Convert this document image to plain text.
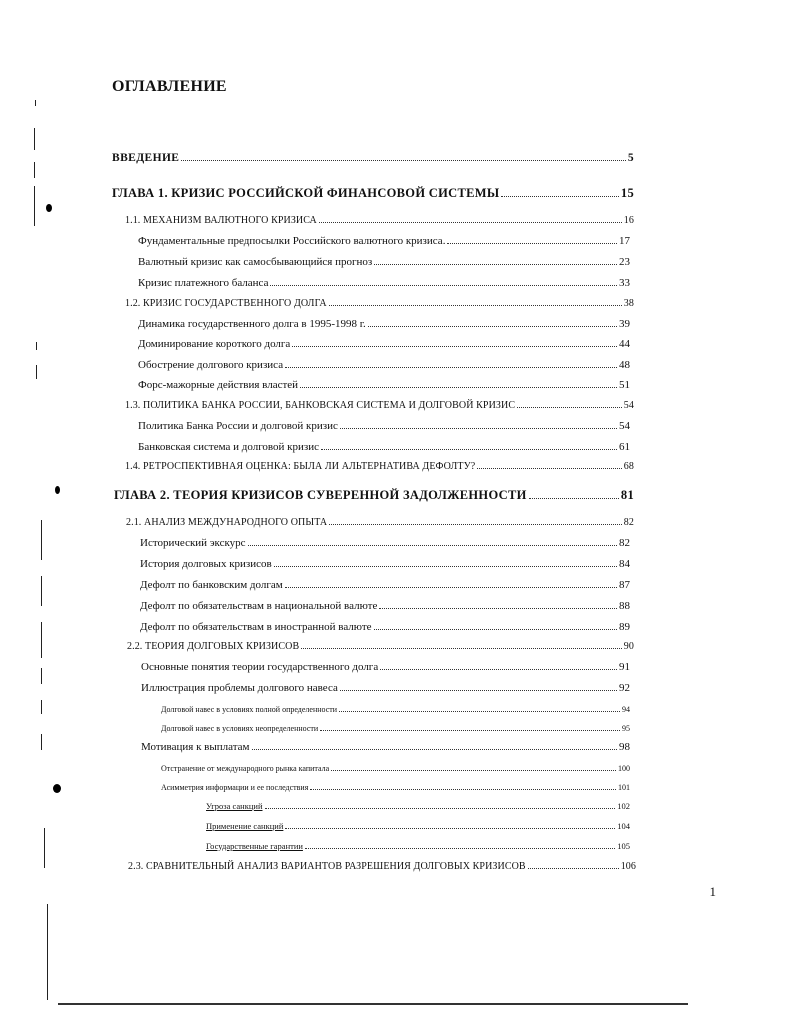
ОГЛАВЛЕНИЕ
ВВЕДЕНИЕ	5
ГЛАВА 1. КРИЗИС РОССИЙСКОЙ ФИНАНСОВОЙ СИСТЕМЫ	15
1.1. МЕХАНИЗМ ВАЛЮТНОГО КРИЗИСА	16
Фундаментальные предпосылки Российского валютного кризиса.	17
Валютный кризис как самосбывающийся прогноз	23
Кризис платежного баланса	33
1.2. КРИЗИС ГОСУДАРСТВЕННОГО ДОЛГА	38
Динамика государственного долга в 1995-1998 г.	39
Доминирование короткого долга	44
Обострение долгового кризиса	48
Форс-мажорные действия властей	51
1.3. ПОЛИТИКА БАНКА РОССИИ, БАНКОВСКАЯ СИСТЕМА И ДОЛГОВОЙ КРИЗИС	54
Политика Банка России и долговой кризис	54
Банковская система и долговой кризис	61
1.4. РЕТРОСПЕКТИВНАЯ ОЦЕНКА: БЫЛА ЛИ АЛЬТЕРНАТИВА ДЕФОЛТУ?	68
ГЛАВА 2. ТЕОРИЯ КРИЗИСОВ СУВЕРЕННОЙ ЗАДОЛЖЕННОСТИ	81
2.1. АНАЛИЗ МЕЖДУНАРОДНОГО ОПЫТА	82
Исторический экскурс	82
История долговых кризисов	84
Дефолт по банковским долгам	87
Дефолт по обязательствам в национальной валюте	88
Дефолт по обязательствам в иностранной валюте	89
2.2. ТЕОРИЯ ДОЛГОВЫХ КРИЗИСОВ	90
Основные понятия теории государственного долга	91
Иллюстрация проблемы долгового навеса	92
Долговой навес в условиях полной определенности	94
Долговой навес в условиях неопределенности	95
Мотивация к выплатам	98
Отстранение от международного рынка капитала	100
Асимметрия информации и ее последствия	101
Угроза санкций	102
Применение санкций	104
Государственные гарантии	105
2.3. СРАВНИТЕЛЬНЫЙ АНАЛИЗ ВАРИАНТОВ РАЗРЕШЕНИЯ ДОЛГОВЫХ КРИЗИСОВ	106
1
